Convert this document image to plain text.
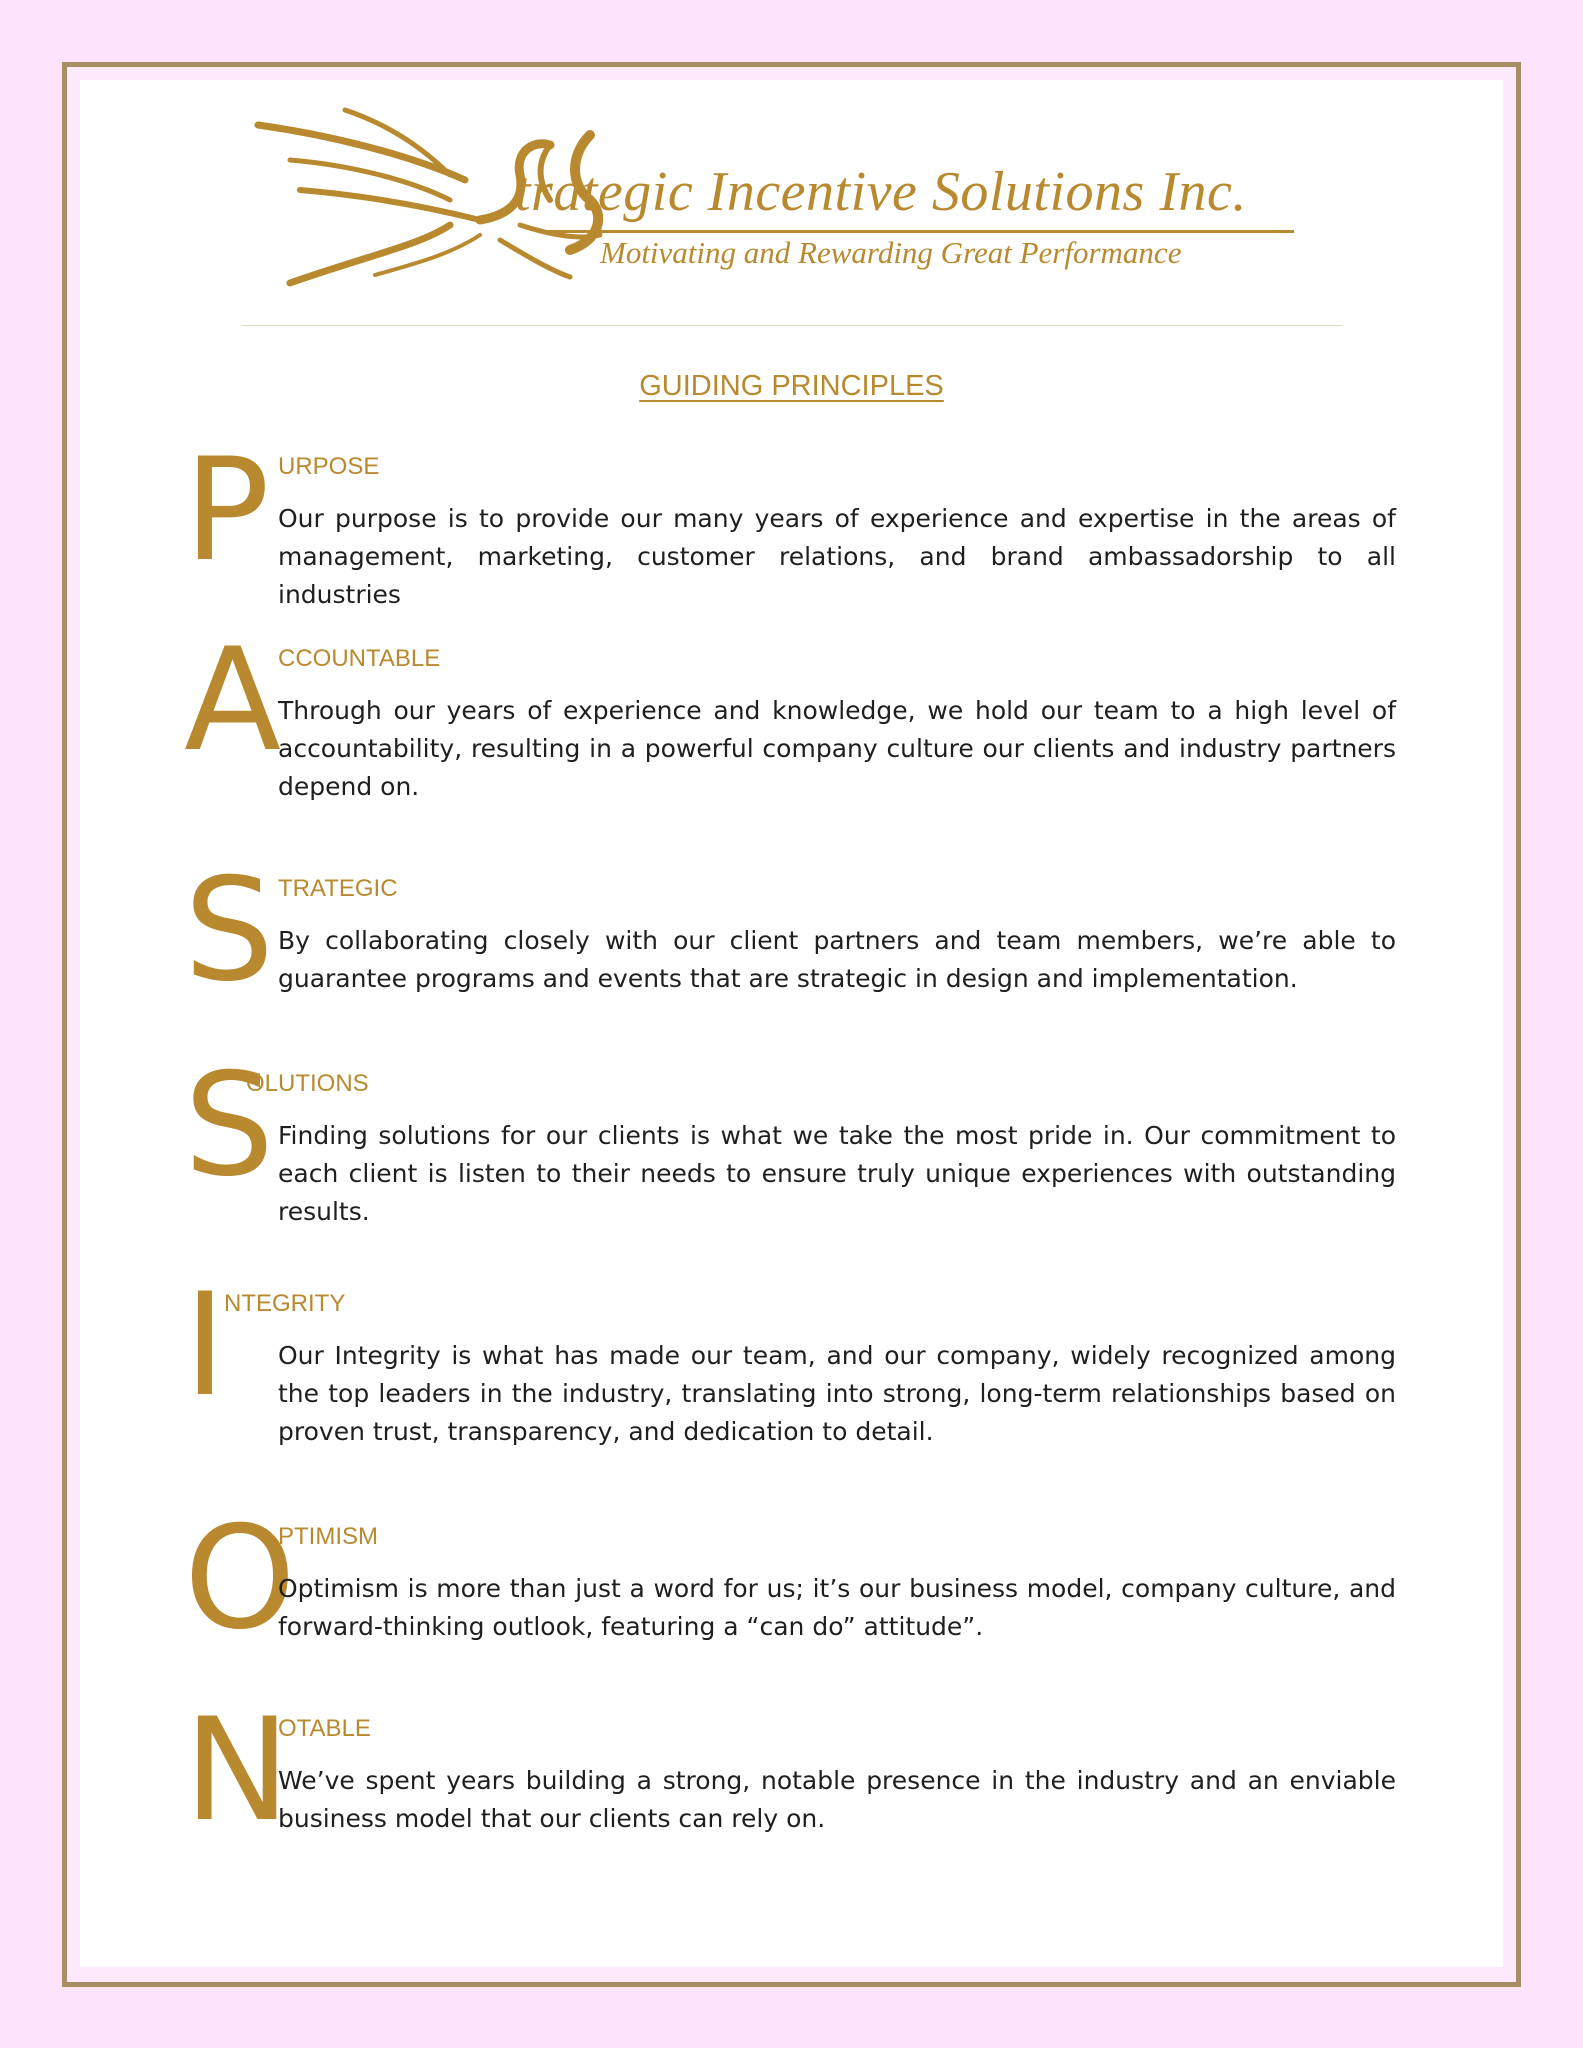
trategic Incentive Solutions Inc.
Motivating and Rewarding Great Performance
GUIDING PRINCIPLES
P URPOSE
Our purpose is to provide our many years of experience and expertise in the areas of management, marketing, customer relations, and brand ambassadorship to all industries
A
CCOUNTABLE
Through our years of experience and knowledge, we hold our team to a high level of accountability, resulting in a powerful company culture our clients and industry partners depend on.
S TRATEGIC
By collaborating closely with our client partners and team members, we’re able to guarantee programs and events that are strategic in design and implementation.
S
OLUTIONS
Finding solutions for our clients is what we take the most pride in. Our commitment to each client is listen to their needs to ensure truly unique experiences with outstanding results.
I
NTEGRITY
Our Integrity is what has made our team, and our company, widely recognized among the top leaders in the industry, translating into strong, long-term relationships based on proven trust, transparency, and dedication to detail.
O
PTIMISM
Optimism is more than just a word for us; it’s our business model, company culture, and forward-thinking outlook, featuring a “can do” attitude”.
N
OTABLE
We’ve spent years building a strong, notable presence in the industry and an enviable business model that our clients can rely on.
